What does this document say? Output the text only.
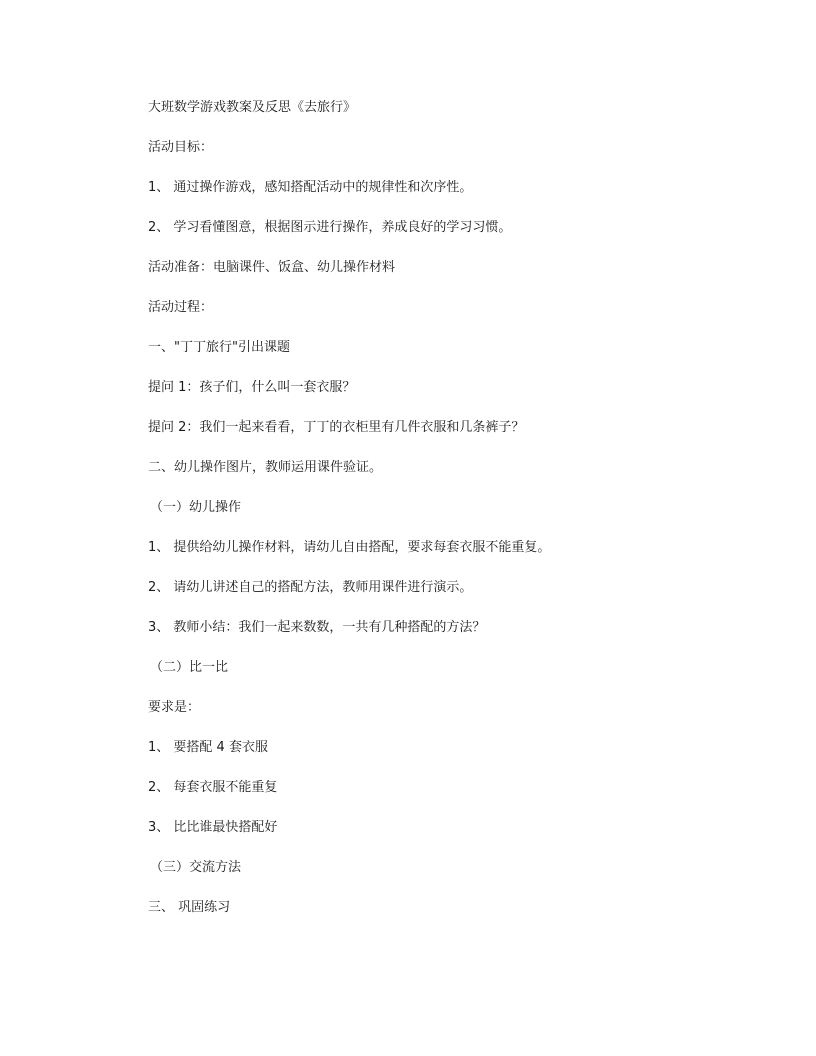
大班数学游戏教案及反思《去旅行》
活动目标：
1、 通过操作游戏，感知搭配活动中的规律性和次序性。
2、 学习看懂图意，根据图示进行操作，养成良好的学习习惯。
活动准备：电脑课件、饭盒、幼儿操作材料
活动过程：
一、"丁丁旅行"引出课题
提问 1：孩子们，什么叫一套衣服？
提问 2：我们一起来看看，丁丁的衣柜里有几件衣服和几条裤子？
二、幼儿操作图片，教师运用课件验证。
（一）幼儿操作
1、 提供给幼儿操作材料，请幼儿自由搭配，要求每套衣服不能重复。
2、 请幼儿讲述自己的搭配方法，教师用课件进行演示。
3、 教师小结：我们一起来数数，一共有几种搭配的方法？
（二）比一比
要求是：
1、 要搭配 4 套衣服
2、 每套衣服不能重复
3、 比比谁最快搭配好
（三）交流方法
三、 巩固练习
